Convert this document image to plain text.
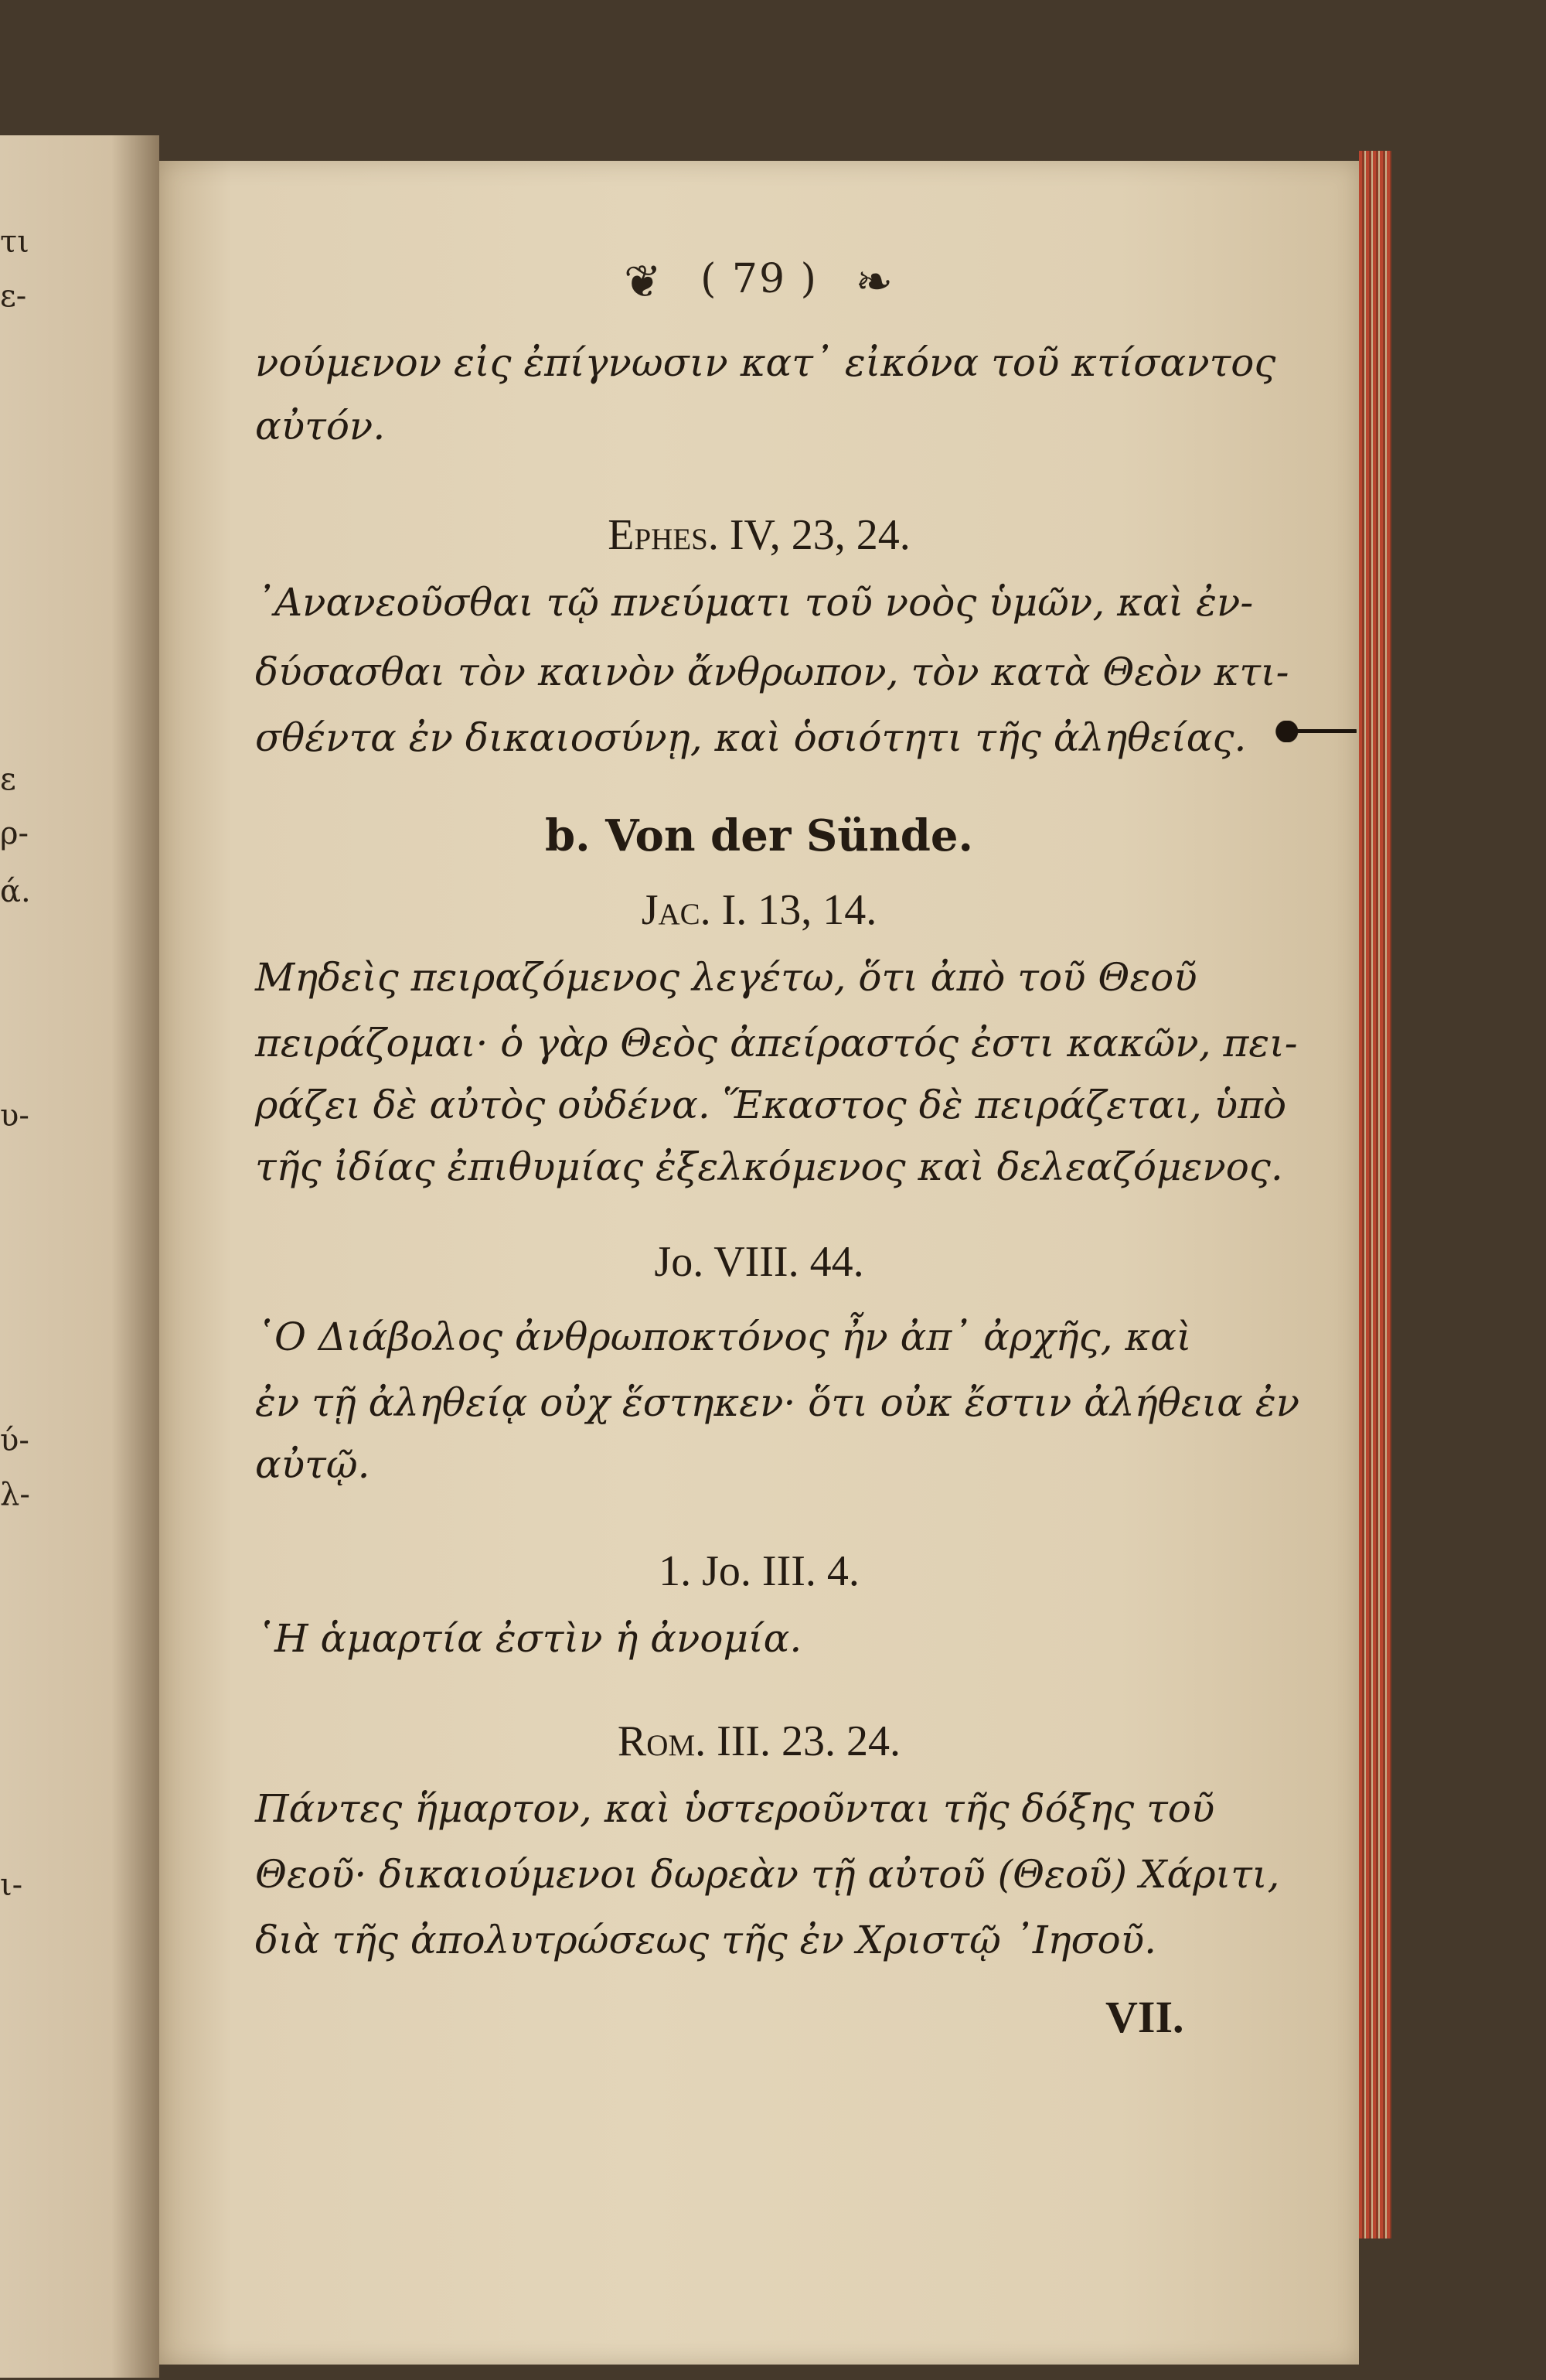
τι
ε-
ε
ρ-
ά.
υ-
ύ-
λ-
ι-
❦ ( 79 ) ❧
νούμενον εἰς ἐπίγνωσιν κατ᾽ εἰκόνα τοῦ κτίσαντος
αὐτόν.
Ephes. IV, 23, 24.
᾽Ανανεοῦσθαι τῷ πνεύματι τοῦ νοὸς ὑμῶν, καὶ ἐν-
δύσασθαι τὸν καινὸν ἄνθρωπον, τὸν κατὰ Θεὸν κτι-
σθέντα ἐν δικαιοσύνῃ, καὶ ὁσιότητι τῆς ἀληθείας.
b. Von der Sünde.
Jac. I. 13, 14.
Μηδεὶς πειραζόμενος λεγέτω, ὅτι ἀπὸ τοῦ Θεοῦ
πειράζομαι· ὁ γὰρ Θεὸς ἀπείραστός ἐστι κακῶν, πει-
ράζει δὲ αὐτὸς οὐδένα. Ἕκαστος δὲ πειράζεται, ὑπὸ
τῆς ἰδίας ἐπιθυμίας ἐξελκόμενος καὶ δελεαζόμενος.
Jo. VIII. 44.
῾Ο Διάβολος ἀνθρωποκτόνος ἦν ἀπ᾽ ἀρχῆς, καὶ
ἐν τῇ ἀληθείᾳ οὐχ ἕστηκεν· ὅτι οὐκ ἔστιν ἀλήθεια ἐν
αὐτῷ.
1. Jo. III. 4.
῾Η ἁμαρτία ἐστὶν ἡ ἀνομία.
Rom. III. 23. 24.
Πάντες ἥμαρτον, καὶ ὑστεροῦνται τῆς δόξης τοῦ
Θεοῦ· δικαιούμενοι δωρεὰν τῇ αὐτοῦ (Θεοῦ) Χάριτι,
διὰ τῆς ἀπολυτρώσεως τῆς ἐν Χριστῷ ᾽Ιησοῦ.
VII.
